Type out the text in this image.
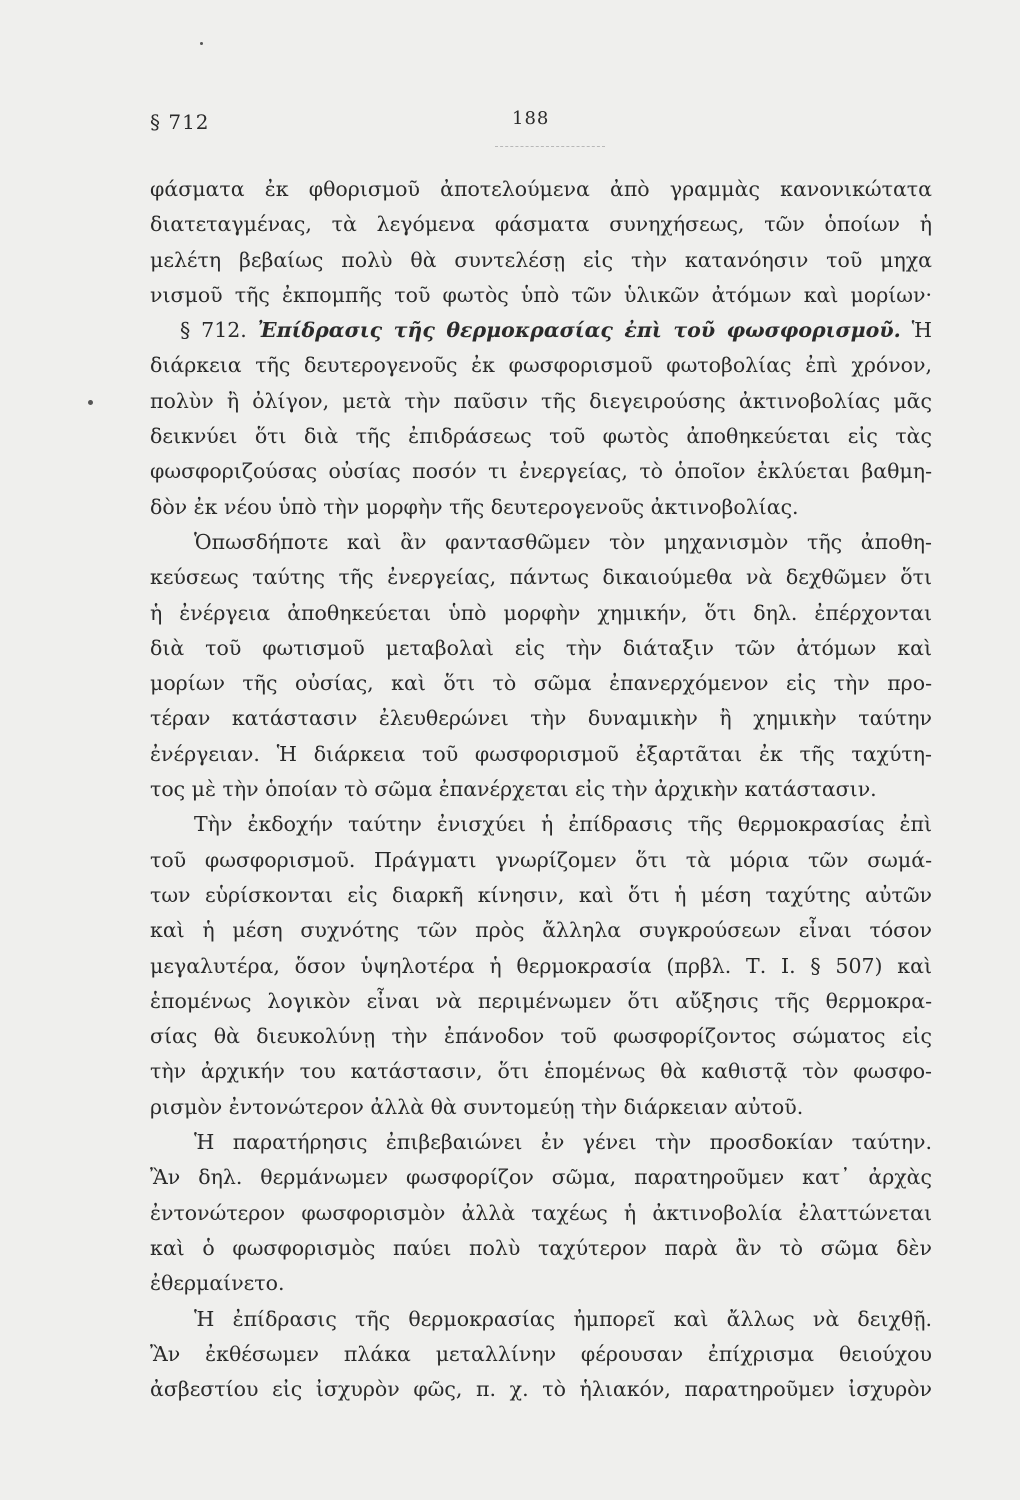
§ 712	188
φάσματα ἐκ φθορισμοῦ ἀποτελούμενα ἀπὸ γραμμὰς κανονικώτατα
διατεταγμένας, τὰ λεγόμενα φάσματα συνηχήσεως, τῶν ὁποίων ἡ
μελέτη βεβαίως πολὺ θὰ συντελέσῃ εἰς τὴν κατανόησιν τοῦ μηχα
νισμοῦ τῆς ἐκπομπῆς τοῦ φωτὸς ὑπὸ τῶν ὑλικῶν ἀτόμων καὶ μορίων·
§ 712. Ἐπίδρασις τῆς θερμοκρασίας ἐπὶ τοῦ φωσφορισμοῦ. Ἡ
διάρκεια τῆς δευτερογενοῦς ἐκ φωσφορισμοῦ φωτοβολίας ἐπὶ χρόνον,
πολὺν ἢ ὀλίγον, μετὰ τὴν παῦσιν τῆς διεγειρούσης ἀκτινοβολίας μᾶς
δεικνύει ὅτι διὰ τῆς ἐπιδράσεως τοῦ φωτὸς ἀποθηκεύεται εἰς τὰς
φωσφοριζούσας οὐσίας ποσόν τι ἐνεργείας, τὸ ὁποῖον ἐκλύεται βαθμη-
δὸν ἐκ νέου ὑπὸ τὴν μορφὴν τῆς δευτερογενοῦς ἀκτινοβολίας.
Ὁπωσδήποτε καὶ ἂν φαντασθῶμεν τὸν μηχανισμὸν τῆς ἀποθη-
κεύσεως ταύτης τῆς ἐνεργείας, πάντως δικαιούμεθα νὰ δεχθῶμεν ὅτι
ἡ ἐνέργεια ἀποθηκεύεται ὑπὸ μορφὴν χημικήν, ὅτι δηλ. ἐπέρχονται
διὰ τοῦ φωτισμοῦ μεταβολαὶ εἰς τὴν διάταξιν τῶν ἀτόμων καὶ
μορίων τῆς οὐσίας, καὶ ὅτι τὸ σῶμα ἐπανερχόμενον εἰς τὴν προ-
τέραν κατάστασιν ἐλευθερώνει τὴν δυναμικὴν ἢ χημικὴν ταύτην
ἐνέργειαν. Ἡ διάρκεια τοῦ φωσφορισμοῦ ἐξαρτᾶται ἐκ τῆς ταχύτη-
τος μὲ τὴν ὁποίαν τὸ σῶμα ἐπανέρχεται εἰς τὴν ἀρχικὴν κατάστασιν.
Τὴν ἐκδοχήν ταύτην ἐνισχύει ἡ ἐπίδρασις τῆς θερμοκρασίας ἐπὶ
τοῦ φωσφορισμοῦ. Πράγματι γνωρίζομεν ὅτι τὰ μόρια τῶν σωμά-
των εὑρίσκονται εἰς διαρκῆ κίνησιν, καὶ ὅτι ἡ μέση ταχύτης αὐτῶν
καὶ ἡ μέση συχνότης τῶν πρὸς ἄλληλα συγκρούσεων εἶναι τόσον
μεγαλυτέρα, ὅσον ὑψηλοτέρα ἡ θερμοκρασία (πρβλ. Τ. Ι. § 507) καὶ
ἑπομένως λογικὸν εἶναι νὰ περιμένωμεν ὅτι αὔξησις τῆς θερμοκρα-
σίας θὰ διευκολύνῃ τὴν ἐπάνοδον τοῦ φωσφορίζοντος σώματος εἰς
τὴν ἀρχικήν του κατάστασιν, ὅτι ἑπομένως θὰ καθιστᾷ τὸν φωσφο-
ρισμὸν ἐντονώτερον ἀλλὰ θὰ συντομεύῃ τὴν διάρκειαν αὐτοῦ.
Ἡ παρατήρησις ἐπιβεβαιώνει ἐν γένει τὴν προσδοκίαν ταύτην.
Ἂν δηλ. θερμάνωμεν φωσφορίζον σῶμα, παρατηροῦμεν κατ᾽ ἀρχὰς
ἐντονώτερον φωσφορισμὸν ἀλλὰ ταχέως ἡ ἀκτινοβολία ἐλαττώνεται
καὶ ὁ φωσφορισμὸς παύει πολὺ ταχύτερον παρὰ ἂν τὸ σῶμα δὲν
ἐθερμαίνετο.
Ἡ ἐπίδρασις τῆς θερμοκρασίας ἠμπορεῖ καὶ ἄλλως νὰ δειχθῇ.
Ἂν ἐκθέσωμεν πλάκα μεταλλίνην φέρουσαν ἐπίχρισμα θειούχου
ἀσβεστίου εἰς ἰσχυρὸν φῶς, π. χ. τὸ ἡλιακόν, παρατηροῦμεν ἰσχυρὸν
